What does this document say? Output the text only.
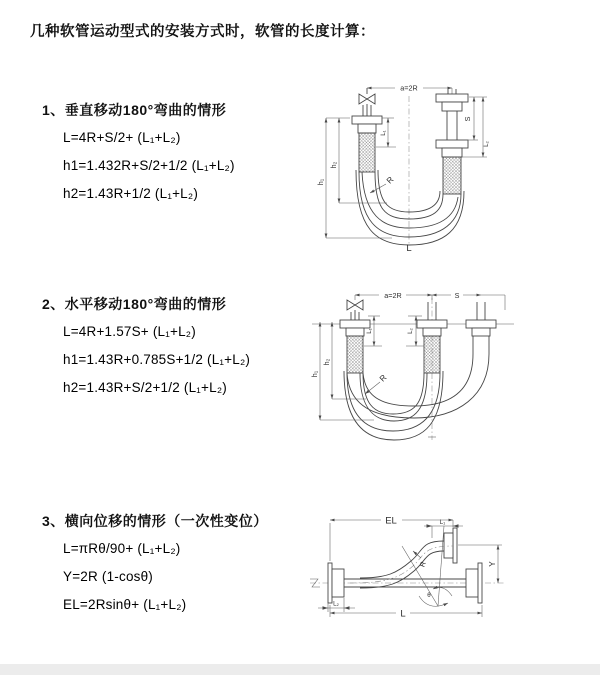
几种软管运动型式的安装方式时，软管的长度计算：
1、垂直移动180°弯曲的情形
L=4R+S/2+ (L₁+L₂)
h1=1.432R+S/2+1/2 (L₁+L₂)
h2=1.43R+1/2 (L₁+L₂)
2、水平移动180°弯曲的情形
L=4R+1.57S+ (L₁+L₂)
h1=1.43R+0.785S+1/2 (L₁+L₂)
h2=1.43R+S/2+1/2 (L₁+L₂)
3、横向位移的情形（一次性变位）
L=πRθ/90+ (L₁+L₂)
Y=2R (1-cosθ)
EL=2Rsinθ+ (L₁+L₂)
a=2R
h₁
h₂
L₁
S
L₂
R
L
a=2R	S
h₁
h₂
L₁	L₂
R
θ
R
EL	L₁
Y
L
L₂
